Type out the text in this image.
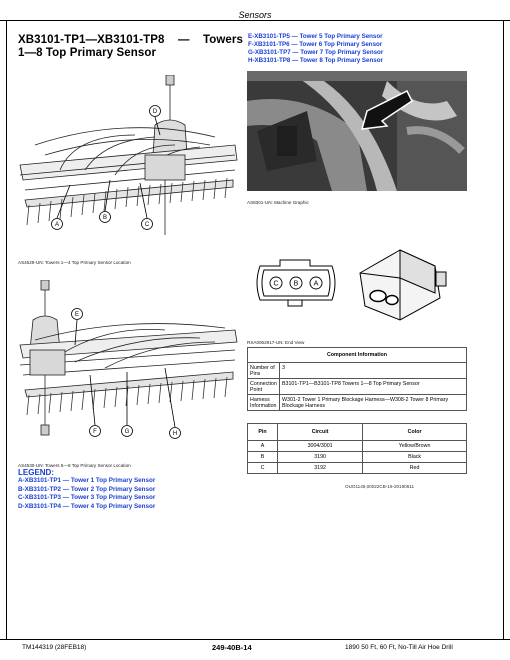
Sensors
XB3101-TP1—XB3101-TP8 — Towers
1—8 Top Primary Sensor
E-XB3101-TP5 — Tower 5 Top Primary Sensor
F-XB3101-TP6 — Tower 6 Top Primary Sensor
G-XB3101-TP7 — Tower 7 Top Primary Sensor
H-XB3101-TP8 — Tower 8 Top Primary Sensor
D
A
B
C
AS4529-UN: Towers 1—4 Top Primary Sensor Location
E
F	G	H
AS4530-UN: Towers 5—8 Top Primary Sensor Location
AS8301-UN: Machine Graphic
C B A
RXA0062917-UN: End View
Component Information	
Number of Pins	3
Connection Point	B3101-TP1—B3101-TP8 Towers 1—8 Top Primary Sensor
Harness Information	W301-2 Tower 1 Primary Blockage Harness—W308-2 Tower 8 Primary Blockage Harness
Pin	Circuit	Color
A	3004/3001	Yellow/Brown
B	3190	Black
C	3192	Red
OUO1149,00022CB-19-20190611
LEGEND:
A-XB3101-TP1 — Tower 1 Top Primary Sensor
B-XB3101-TP2 — Tower 2 Top Primary Sensor
C-XB3101-TP3 — Tower 3 Top Primary Sensor
D-XB3101-TP4 — Tower 4 Top Primary Sensor
TM144319 (28FEB18)	249-40B-14	1890 50 Ft, 60 Ft, No-Till Air Hoe Drill
